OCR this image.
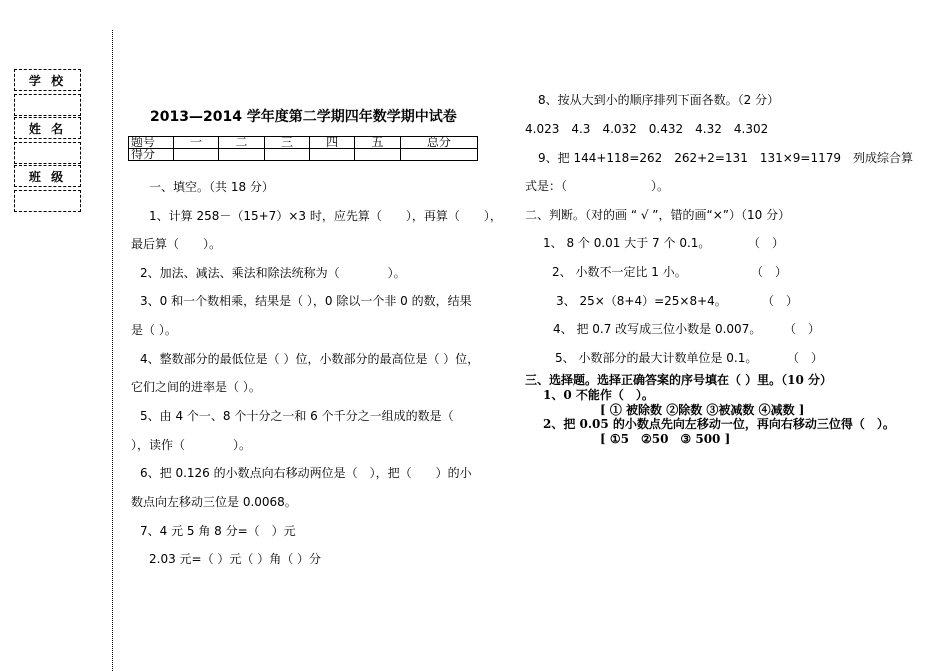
学 校
姓 名
班 级
2013—2014 学年度第二学期四年数学期中试卷
题号	一	二	三	四	五	总分
得分						
一、填空。（共 18 分）
1、计算 258－（15+7）×3 时，应先算（　　），再算（　　），
最后算（　　）。
2、加法、减法、乘法和除法统称为（　　　　）。
3、0 和一个数相乘，结果是（ ），0 除以一个非 0 的数，结果
是（ ）。
4、整数部分的最低位是（ ）位，小数部分的最高位是（ ）位，
它们之间的进率是（ ）。
5、由 4 个一、8 个十分之一和 6 个千分之一组成的数是（
），读作（　　　　）。
6、把 0.126 的小数点向右移动两位是（　），把（　　）的小
数点向左移动三位是 0.0068。
7、4 元 5 角 8 分=（　）元
2.03 元=（ ）元（ ）角（ ）分
8、按从大到小的顺序排列下面各数。（2 分）
4.023　4.3　4.032　0.432　4.32　4.302
9、把 144+118=262　262+2=131　131×9=1179　列成综合算
式是：（　　　　　　　）。
二、判断。（对的画 “ √ ”，错的画“×”）（10 分）
1、 8 个 0.01 大于 7 个 0.1。	（　）
2、 小数不一定比 1 小。	（　）
3、 25×（8+4）=25×8+4。	（　）
4、 把 0.7 改写成三位小数是 0.007。 （　）
5、 小数部分的最大计数单位是 0.1。 （　）
三、选择题。选择正确答案的序号填在（ ）里。（10 分）
1、0 不能作（　）。
[ ① 被除数 ②除数 ③被减数 ④减数 ]
2、把 0.05 的小数点先向左移动一位，再向右移动三位得（　）。
[ ①5　②50　③ 500 ]
